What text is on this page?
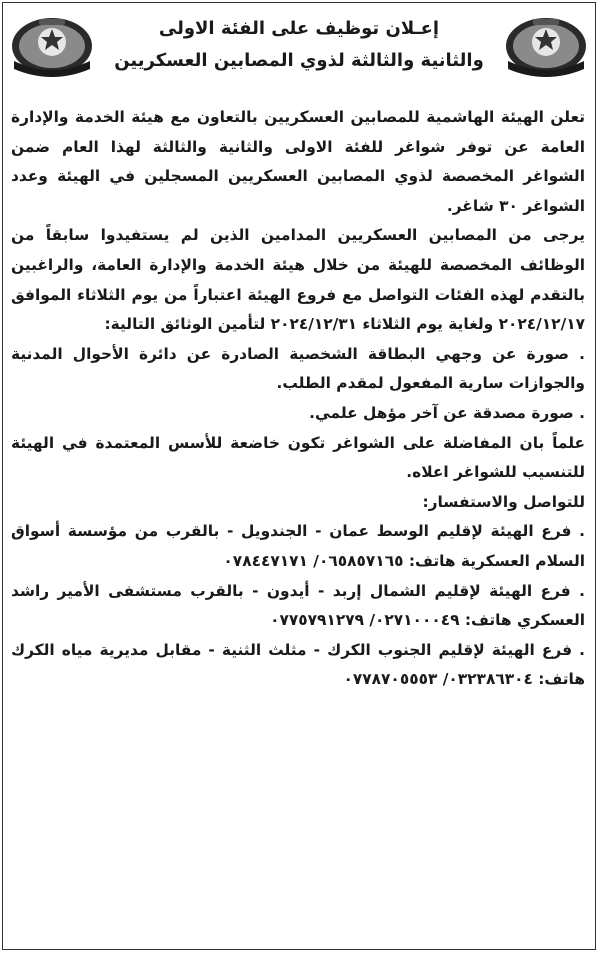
إعـلان توظيف على الفئة الاولى
والثانية والثالثة لذوي المصابين العسكريين

تعلن الهيئة الهاشمية للمصابين العسكريين بالتعاون مع هيئة الخدمة والإدارة العامة عن توفر شواغر للفئة الاولى والثانية والثالثة لهذا العام ضمن الشواغر المخصصة لذوي المصابين العسكريين المسجلين في الهيئة وعدد الشواغر ٣٠ شاغر.

يرجى من المصابين العسكريين المدامين الذين لم يستفيدوا سابقاً من الوظائف المخصصة للهيئة من خلال هيئة الخدمة والإدارة العامة، والراغبين بالتقدم لهذه الفئات التواصل مع فروع الهيئة اعتباراً من يوم الثلاثاء الموافق ٢٠٢٤/١٢/١٧ ولغاية يوم الثلاثاء ٢٠٢٤/١٢/٣١ لتأمين الوثائق التالية:

. صورة عن وجهي البطاقة الشخصية الصادرة عن دائرة الأحوال المدنية والجوازات سارية المفعول لمقدم الطلب.

. صورة مصدقة عن آخر مؤهل علمي.

علماً بان المفاضلة على الشواغر تكون خاضعة للأسس المعتمدة في الهيئة للتنسيب للشواغر اعلاه.

للتواصل والاستفسار:

. فرع الهيئة لإقليم الوسط عمان - الجندويل - بالقرب من مؤسسة أسواق السلام العسكرية هاتف: ٠٦٥٨٥٧١٦٥/ ٠٧٨٤٤٧١٧١

. فرع الهيئة لإقليم الشمال إربد - أيدون - بالقرب مستشفى الأمير راشد العسكري هاتف: ٠٢٧١٠٠٠٤٩/ ٠٧٧٥٧٩١٢٧٩

. فرع الهيئة لإقليم الجنوب الكرك - مثلث الثنية - مقابل مديرية مياه الكرك هاتف: ٠٣٢٣٨٦٣٠٤/ ٠٧٧٨٧٠٥٥٥٣
